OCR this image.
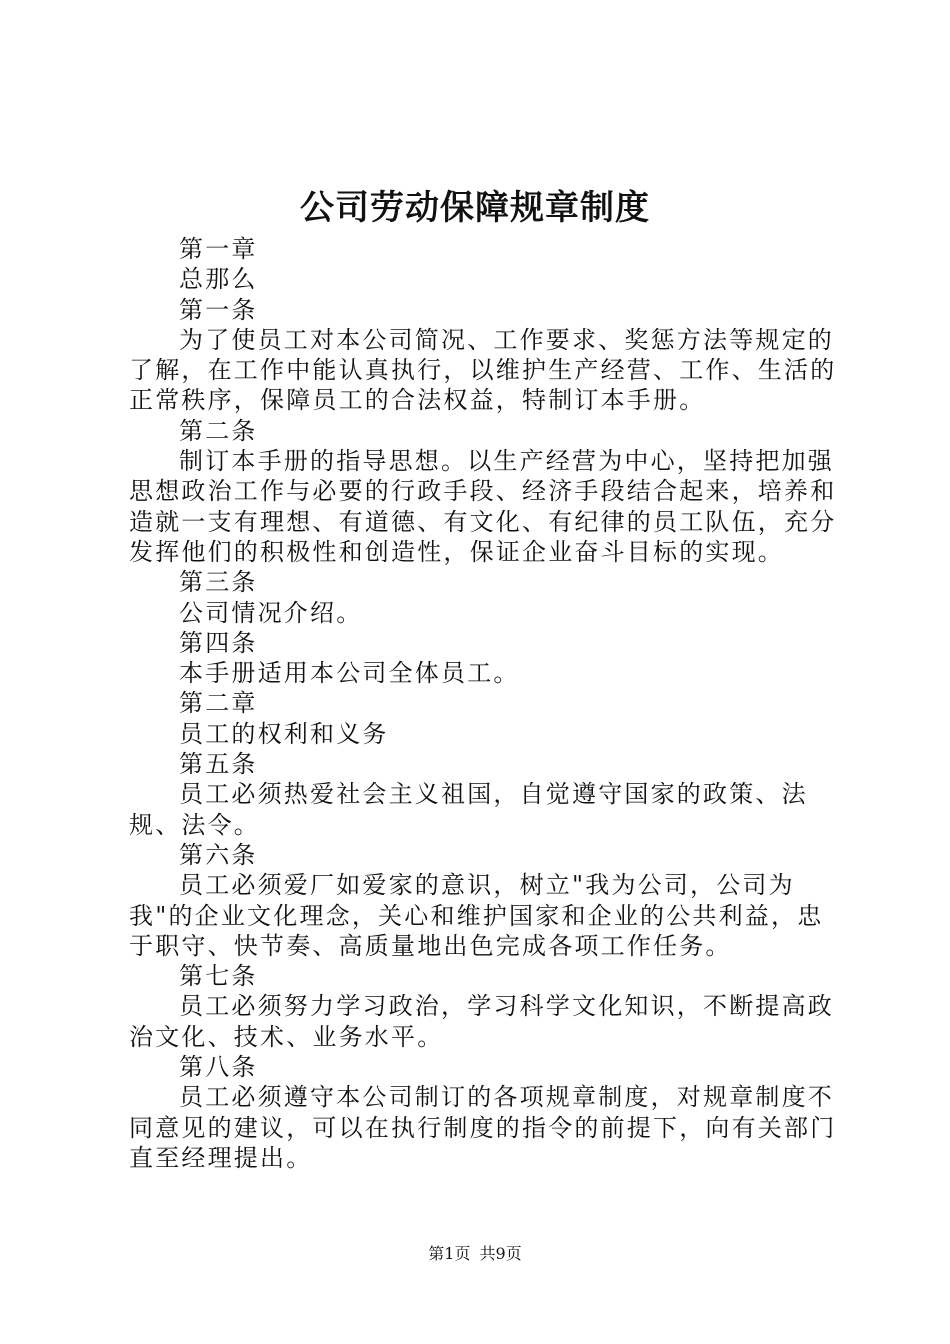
公司劳动保障规章制度

第一章

总那么

第一条

为了使员工对本公司简况、工作要求、奖惩方法等规定的了解，在工作中能认真执行，以维护生产经营、工作、生活的正常秩序，保障员工的合法权益，特制订本手册。

第二条

制订本手册的指导思想。以生产经营为中心，坚持把加强思想政治工作与必要的行政手段、经济手段结合起来，培养和造就一支有理想、有道德、有文化、有纪律的员工队伍，充分发挥他们的积极性和创造性，保证企业奋斗目标的实现。

第三条

公司情况介绍。

第四条

本手册适用本公司全体员工。

第二章

员工的权利和义务

第五条

员工必须热爱社会主义祖国，自觉遵守国家的政策、法规、法令。

第六条

员工必须爱厂如爱家的意识，树立"我为公司，公司为我"的企业文化理念，关心和维护国家和企业的公共利益，忠于职守、快节奏、高质量地出色完成各项工作任务。

第七条

员工必须努力学习政治，学习科学文化知识，不断提高政治文化、技术、业务水平。

第八条

员工必须遵守本公司制订的各项规章制度，对规章制度不同意见的建议，可以在执行制度的指令的前提下，向有关部门直至经理提出。

第1页 共9页
